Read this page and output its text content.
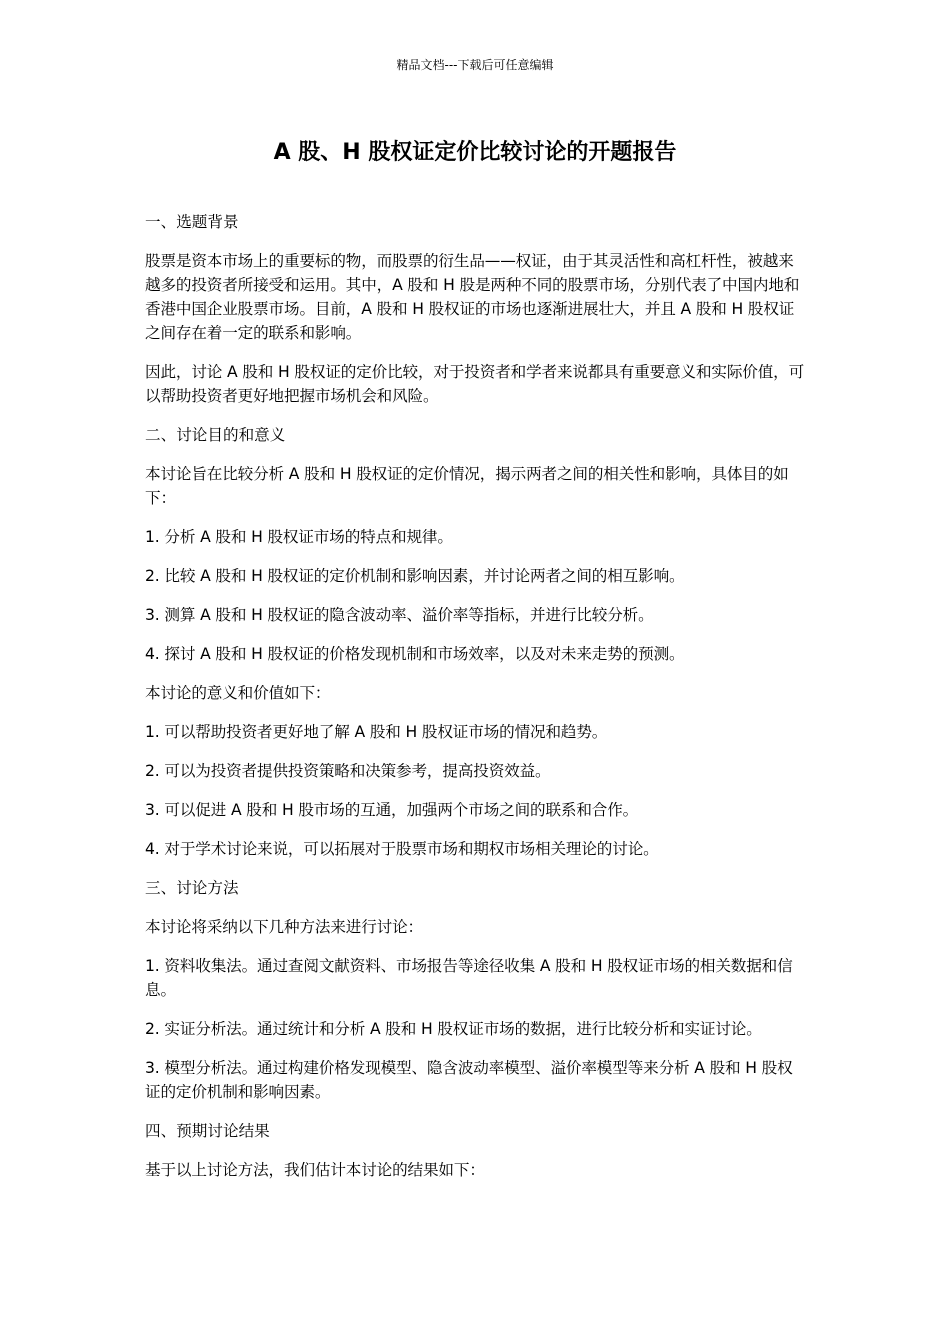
精品文档---下载后可任意编辑
A 股、H 股权证定价比较讨论的开题报告
一、选题背景

股票是资本市场上的重要标的物，而股票的衍生品——权证，由于其灵活性和高杠杆性，被越来越多的投资者所接受和运用。其中，A 股和 H 股是两种不同的股票市场，分别代表了中国内地和香港中国企业股票市场。目前，A 股和 H 股权证的市场也逐渐进展壮大，并且 A 股和 H 股权证之间存在着一定的联系和影响。

因此，讨论 A 股和 H 股权证的定价比较，对于投资者和学者来说都具有重要意义和实际价值，可以帮助投资者更好地把握市场机会和风险。

二、讨论目的和意义

本讨论旨在比较分析 A 股和 H 股权证的定价情况，揭示两者之间的相关性和影响，具体目的如下：

1. 分析 A 股和 H 股权证市场的特点和规律。

2. 比较 A 股和 H 股权证的定价机制和影响因素，并讨论两者之间的相互影响。

3. 测算 A 股和 H 股权证的隐含波动率、溢价率等指标，并进行比较分析。

4. 探讨 A 股和 H 股权证的价格发现机制和市场效率，以及对未来走势的预测。

本讨论的意义和价值如下：

1. 可以帮助投资者更好地了解 A 股和 H 股权证市场的情况和趋势。

2. 可以为投资者提供投资策略和决策参考，提高投资效益。

3. 可以促进 A 股和 H 股市场的互通，加强两个市场之间的联系和合作。

4. 对于学术讨论来说，可以拓展对于股票市场和期权市场相关理论的讨论。

三、讨论方法

本讨论将采纳以下几种方法来进行讨论：

1. 资料收集法。通过查阅文献资料、市场报告等途径收集 A 股和 H 股权证市场的相关数据和信息。

2. 实证分析法。通过统计和分析 A 股和 H 股权证市场的数据，进行比较分析和实证讨论。

3. 模型分析法。通过构建价格发现模型、隐含波动率模型、溢价率模型等来分析 A 股和 H 股权证的定价机制和影响因素。

四、预期讨论结果

基于以上讨论方法，我们估计本讨论的结果如下：
